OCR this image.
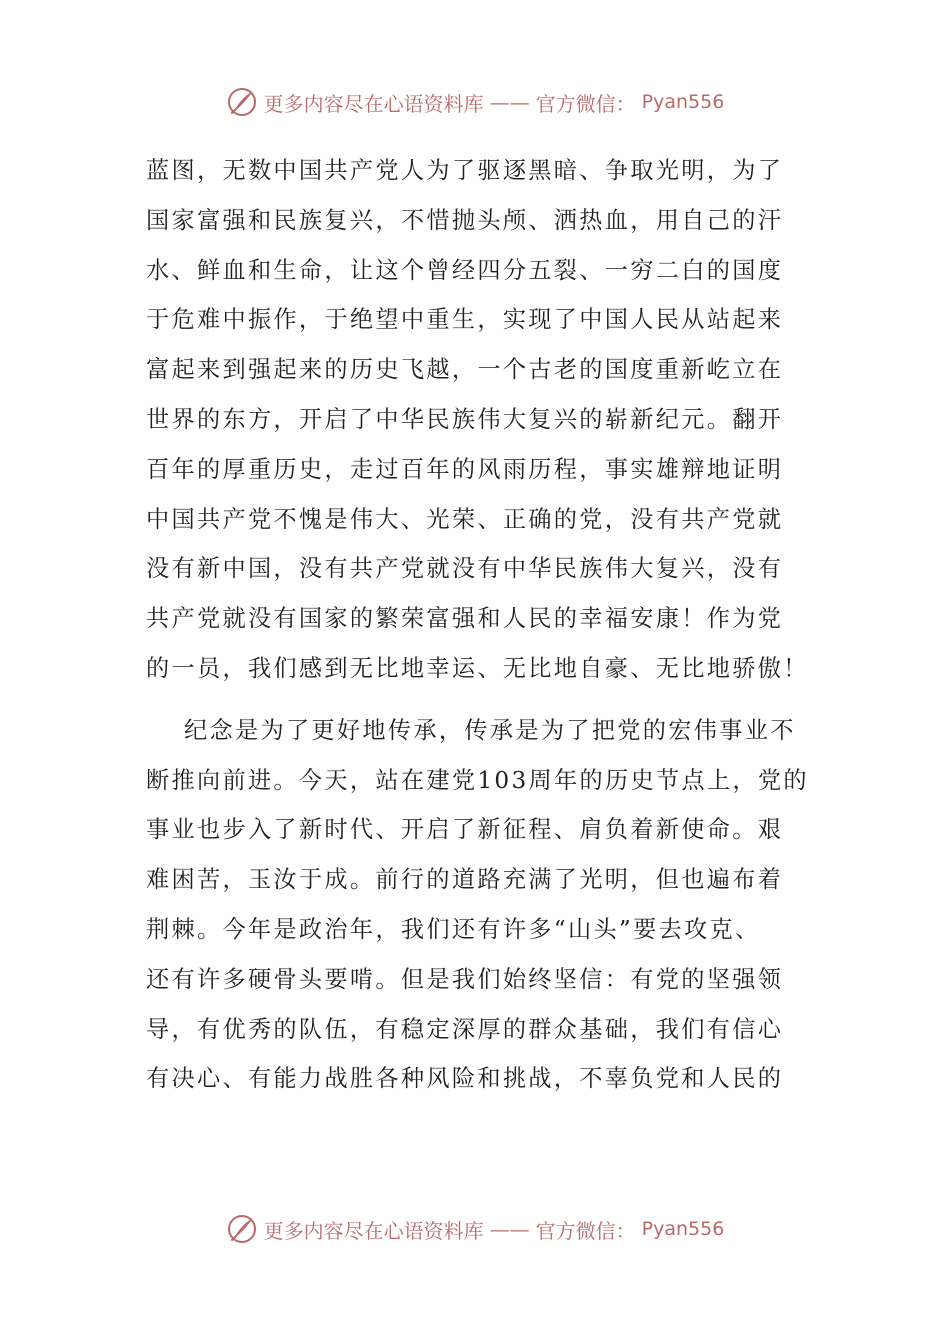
更多内容尽在心语资料库 —— 官方微信： Pyan556
蓝图，无数中国共产党人为了驱逐黑暗、争取光明，为了
国家富强和民族复兴，不惜抛头颅、洒热血，用自己的汗
水、鲜血和生命，让这个曾经四分五裂、一穷二白的国度
于危难中振作，于绝望中重生，实现了中国人民从站起来
富起来到强起来的历史飞越，一个古老的国度重新屹立在
世界的东方，开启了中华民族伟大复兴的崭新纪元。翻开
百年的厚重历史，走过百年的风雨历程，事实雄辩地证明
中国共产党不愧是伟大、光荣、正确的党，没有共产党就
没有新中国，没有共产党就没有中华民族伟大复兴，没有
共产党就没有国家的繁荣富强和人民的幸福安康！作为党
的一员，我们感到无比地幸运、无比地自豪、无比地骄傲！
纪念是为了更好地传承，传承是为了把党的宏伟事业不
断推向前进。今天，站在建党103周年的历史节点上，党的
事业也步入了新时代、开启了新征程、肩负着新使命。艰
难困苦，玉汝于成。前行的道路充满了光明，但也遍布着
荆棘。今年是政治年，我们还有许多“山头”要去攻克、
还有许多硬骨头要啃。但是我们始终坚信：有党的坚强领
导，有优秀的队伍，有稳定深厚的群众基础，我们有信心
有决心、有能力战胜各种风险和挑战，不辜负党和人民的
更多内容尽在心语资料库 —— 官方微信： Pyan556
